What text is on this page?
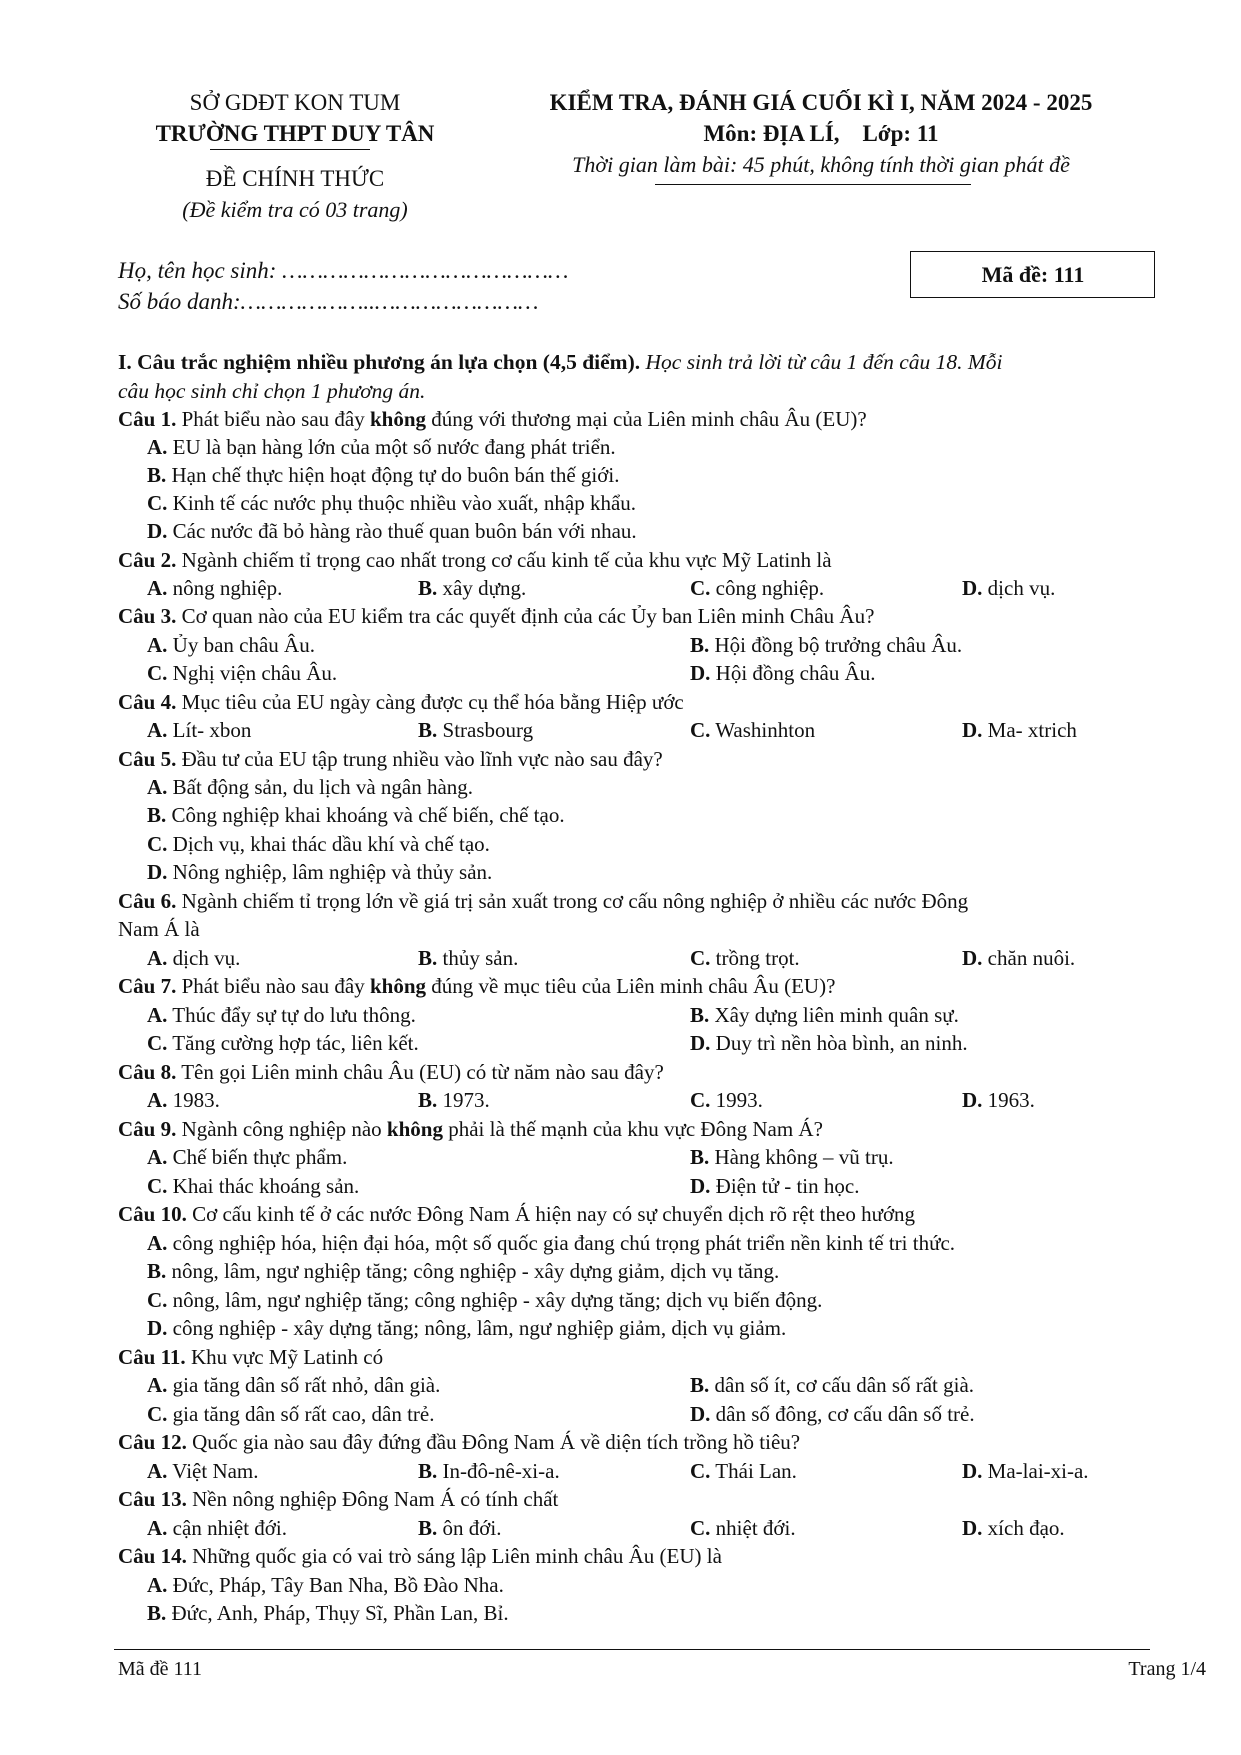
SỞ GDĐT KON TUM
TRƯỜNG THPT DUY TÂN
ĐỀ CHÍNH THỨC
(Đề kiểm tra có 03 trang)
KIỂM TRA, ĐÁNH GIÁ CUỐI KÌ I, NĂM 2024 - 2025
Môn: ĐỊA LÍ, Lớp: 11
Thời gian làm bài: 45 phút, không tính thời gian phát đề
Họ, tên học sinh: ……………………………………
Số báo danh:………………..……………………
Mã đề: 111
I. Câu trắc nghiệm nhiều phương án lựa chọn (4,5 điểm). Học sinh trả lời từ câu 1 đến câu 18. Mỗi
câu học sinh chỉ chọn 1 phương án.
Câu 1. Phát biểu nào sau đây không đúng với thương mại của Liên minh châu Âu (EU)?
A. EU là bạn hàng lớn của một số nước đang phát triển.
B. Hạn chế thực hiện hoạt động tự do buôn bán thế giới.
C. Kinh tế các nước phụ thuộc nhiều vào xuất, nhập khẩu.
D. Các nước đã bỏ hàng rào thuế quan buôn bán với nhau.
Câu 2. Ngành chiếm tỉ trọng cao nhất trong cơ cấu kinh tế của khu vực Mỹ Latinh là
A. nông nghiệp.	B. xây dựng.	C. công nghiệp.	D. dịch vụ.
Câu 3. Cơ quan nào của EU kiểm tra các quyết định của các Ủy ban Liên minh Châu Âu?
A. Ủy ban châu Âu.	B. Hội đồng bộ trưởng châu Âu.
C. Nghị viện châu Âu.	D. Hội đồng châu Âu.
Câu 4. Mục tiêu của EU ngày càng được cụ thể hóa bằng Hiệp ước
A. Lít- xbon	B. Strasbourg	C. Washinhton	D. Ma- xtrich
Câu 5. Đầu tư của EU tập trung nhiều vào lĩnh vực nào sau đây?
A. Bất động sản, du lịch và ngân hàng.
B. Công nghiệp khai khoáng và chế biến, chế tạo.
C. Dịch vụ, khai thác dầu khí và chế tạo.
D. Nông nghiệp, lâm nghiệp và thủy sản.
Câu 6. Ngành chiếm tỉ trọng lớn về giá trị sản xuất trong cơ cấu nông nghiệp ở nhiều các nước Đông
Nam Á là
A. dịch vụ.	B. thủy sản.	C. trồng trọt.	D. chăn nuôi.
Câu 7. Phát biểu nào sau đây không đúng về mục tiêu của Liên minh châu Âu (EU)?
A. Thúc đẩy sự tự do lưu thông.	B. Xây dựng liên minh quân sự.
C. Tăng cường hợp tác, liên kết.	D. Duy trì nền hòa bình, an ninh.
Câu 8. Tên gọi Liên minh châu Âu (EU) có từ năm nào sau đây?
A. 1983.	B. 1973.	C. 1993.	D. 1963.
Câu 9. Ngành công nghiệp nào không phải là thế mạnh của khu vực Đông Nam Á?
A. Chế biến thực phẩm.	B. Hàng không – vũ trụ.
C. Khai thác khoáng sản.	D. Điện tử - tin học.
Câu 10. Cơ cấu kinh tế ở các nước Đông Nam Á hiện nay có sự chuyển dịch rõ rệt theo hướng
A. công nghiệp hóa, hiện đại hóa, một số quốc gia đang chú trọng phát triển nền kinh tế tri thức.
B. nông, lâm, ngư nghiệp tăng; công nghiệp - xây dựng giảm, dịch vụ tăng.
C. nông, lâm, ngư nghiệp tăng; công nghiệp - xây dựng tăng; dịch vụ biến động.
D. công nghiệp - xây dựng tăng; nông, lâm, ngư nghiệp giảm, dịch vụ giảm.
Câu 11. Khu vực Mỹ Latinh có
A. gia tăng dân số rất nhỏ, dân già.	B. dân số ít, cơ cấu dân số rất già.
C. gia tăng dân số rất cao, dân trẻ.	D. dân số đông, cơ cấu dân số trẻ.
Câu 12. Quốc gia nào sau đây đứng đầu Đông Nam Á về diện tích trồng hồ tiêu?
A. Việt Nam.	B. In-đô-nê-xi-a.	C. Thái Lan.	D. Ma-lai-xi-a.
Câu 13. Nền nông nghiệp Đông Nam Á có tính chất
A. cận nhiệt đới.	B. ôn đới.	C. nhiệt đới.	D. xích đạo.
Câu 14. Những quốc gia có vai trò sáng lập Liên minh châu Âu (EU) là
A. Đức, Pháp, Tây Ban Nha, Bồ Đào Nha.
B. Đức, Anh, Pháp, Thụy Sĩ, Phần Lan, Bỉ.
Mã đề 111	Trang 1/4
